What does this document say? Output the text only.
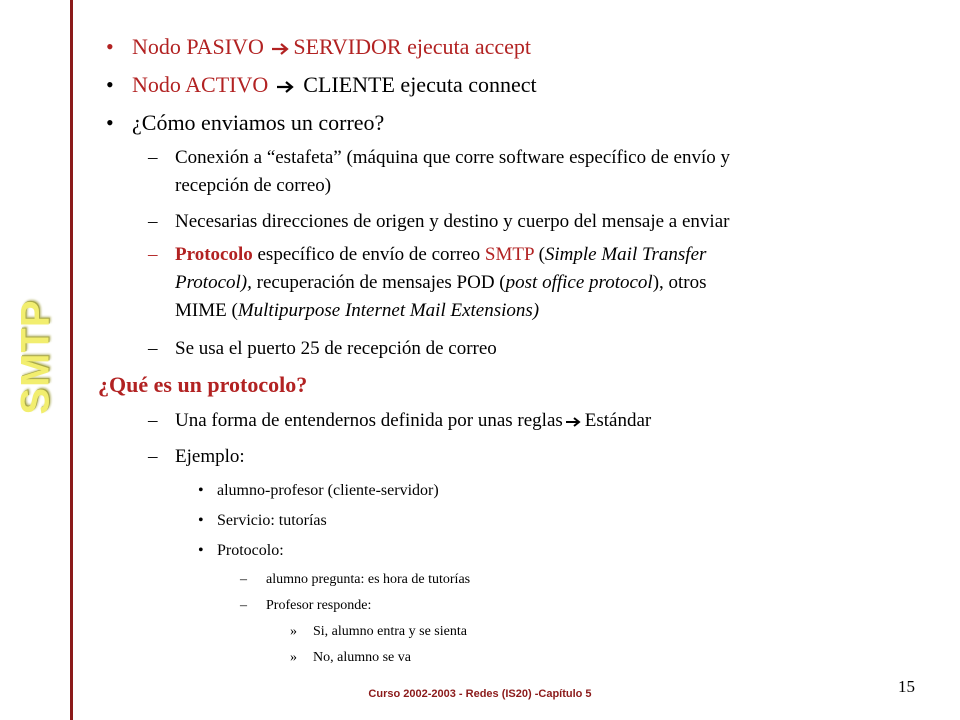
SMTP
• Nodo PASIVO SERVIDOR ejecuta accept
• Nodo ACTIVO  CLIENTE ejecuta connect
• ¿Cómo enviamos un correo?
– Conexión a “estafeta” (máquina que corre software específico de envío y
recepción de correo)
– Necesarias direcciones de origen y destino y cuerpo del mensaje a enviar
– Protocolo específico de envío de correo SMTP (Simple Mail Transfer
Protocol), recuperación de mensajes POD (post office protocol), otros
MIME (Multipurpose Internet Mail Extensions)
– Se usa el puerto 25 de recepción de correo
¿Qué es un protocolo?
– Una forma de entendernos definida por unas reglas Estándar
– Ejemplo:
• alumno-profesor (cliente-servidor)
• Servicio: tutorías
• Protocolo:
– alumno pregunta: es hora de tutorías
– Profesor responde:
» Si, alumno entra y se sienta
» No, alumno se va
Curso 2002-2003 - Redes (IS20) -Capítulo 5	15
